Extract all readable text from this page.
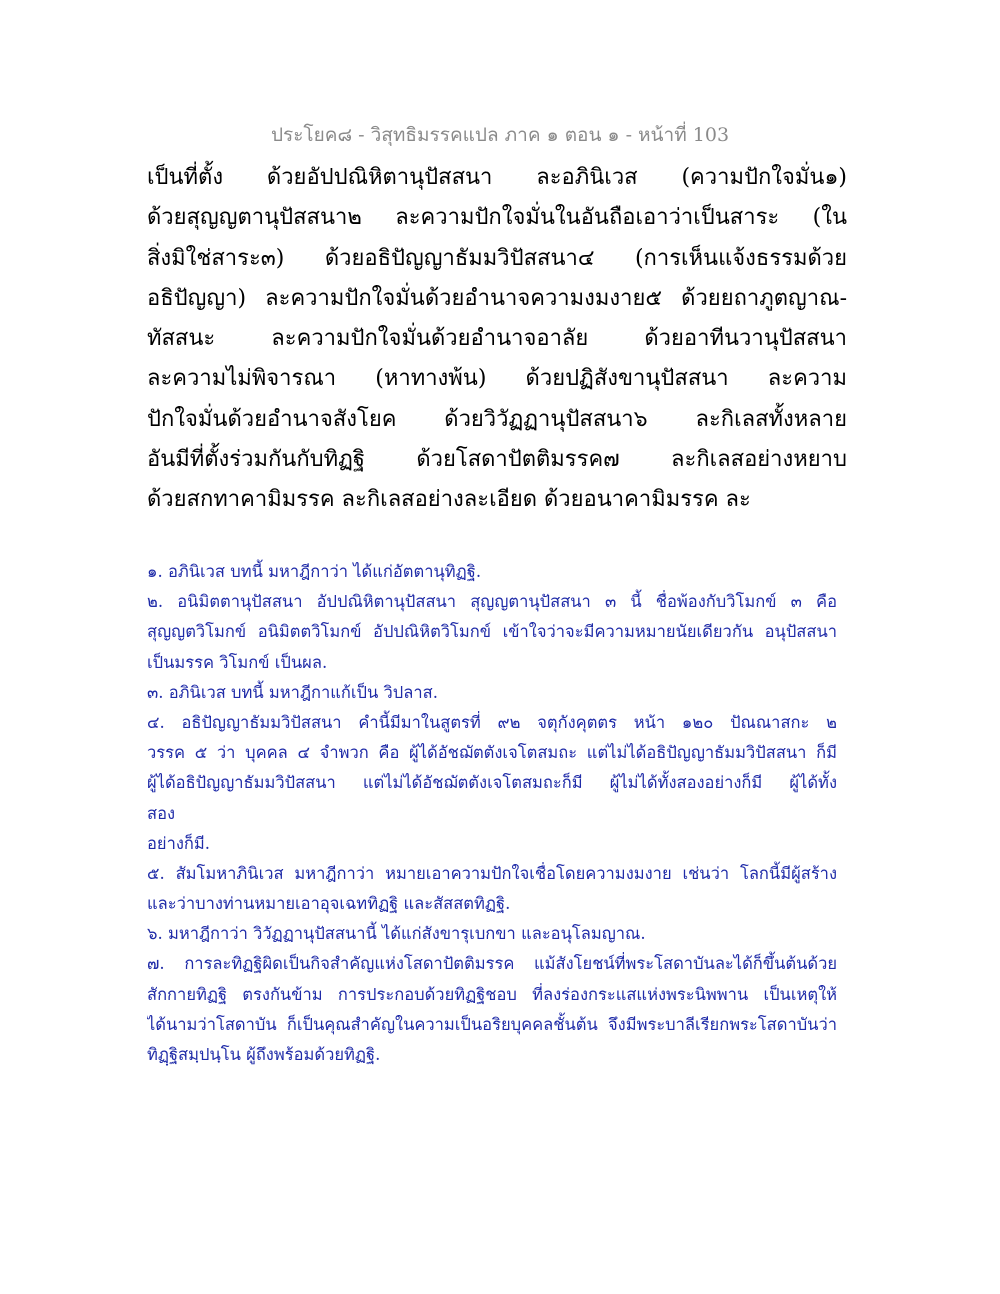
ประโยค๘ - วิสุทธิมรรคแปล ภาค ๑ ตอน ๑ - หน้าที่ 103
เป็นที่ตั้ง ด้วยอัปปณิหิตานุปัสสนา ละอภินิเวส (ความปักใจมั่น๑)
ด้วยสุญญตานุปัสสนา๒ ละความปักใจมั่นในอันถือเอาว่าเป็นสาระ (ใน
สิ่งมิใช่สาระ๓) ด้วยอธิปัญญาธัมมวิปัสสนา๔ (การเห็นแจ้งธรรมด้วย
อธิปัญญา) ละความปักใจมั่นด้วยอำนาจความงมงาย๕ ด้วยยถาภูตญาณ-
ทัสสนะ ละความปักใจมั่นด้วยอำนาจอาลัย ด้วยอาทีนวานุปัสสนา
ละความไม่พิจารณา (หาทางพ้น) ด้วยปฏิสังขานุปัสสนา ละความ
ปักใจมั่นด้วยอำนาจสังโยค ด้วยวิวัฏฏานุปัสสนา๖ ละกิเลสทั้งหลาย
อันมีที่ตั้งร่วมกันกับทิฏฐิ ด้วยโสดาปัตติมรรค๗ ละกิเลสอย่างหยาบ
ด้วยสกทาคามิมรรค ละกิเลสอย่างละเอียด ด้วยอนาคามิมรรค ละ
๑. อภินิเวส บทนี้ มหาฎีกาว่า ได้แก่อัตตานุทิฏฐิ.
๒. อนิมิตตานุปัสสนา อัปปณิหิตานุปัสสนา สุญญตานุปัสสนา ๓ นี้ ชื่อพ้องกับวิโมกข์ ๓ คือ
สุญญตวิโมกข์ อนิมิตตวิโมกข์ อัปปณิหิตวิโมกข์ เข้าใจว่าจะมีความหมายนัยเดียวกัน อนุปัสสนา
เป็นมรรค วิโมกข์ เป็นผล.
๓. อภินิเวส บทนี้ มหาฎีกาแก้เป็น วิปลาส.
๔. อธิปัญญาธัมมวิปัสสนา คำนี้มีมาในสูตรที่ ๙๒ จตุกังคุตตร หน้า ๑๒๐ ปัณณาสกะ ๒
วรรค ๕ ว่า บุคคล ๔ จำพวก คือ ผู้ได้อัชฌัตตังเจโตสมถะ แต่ไม่ได้อธิปัญญาธัมมวิปัสสนา ก็มี
ผู้ได้อธิปัญญาธัมมวิปัสสนา แต่ไม่ได้อัชฌัตตังเจโตสมถะก็มี ผู้ไม่ได้ทั้งสองอย่างก็มี ผู้ได้ทั้ง
สอง
อย่างก็มี.
๕. สัมโมหาภินิเวส มหาฎีกาว่า หมายเอาความปักใจเชื่อโดยความงมงาย เช่นว่า โลกนี้มีผู้สร้าง
และว่าบางท่านหมายเอาอุจเฉททิฏฐิ และสัสสตทิฏฐิ.
๖. มหาฎีกาว่า วิวัฏฏานุปัสสนานี้ ได้แก่สังขารุเบกขา และอนุโลมญาณ.
๗. การละทิฏฐิผิดเป็นกิจสำคัญแห่งโสดาปัตติมรรค แม้สังโยชน์ที่พระโสดาบันละได้ก็ขึ้นต้นด้วย
สักกายทิฏฐิ ตรงกันข้าม การประกอบด้วยทิฏฐิชอบ ที่ลงร่องกระแสแห่งพระนิพพาน เป็นเหตุให้
ได้นามว่าโสดาบัน ก็เป็นคุณสำคัญในความเป็นอริยบุคคลชั้นต้น จึงมีพระบาลีเรียกพระโสดาบันว่า
ทิฏฺฐิสมฺปนฺโน ผู้ถึงพร้อมด้วยทิฏฐิ.
